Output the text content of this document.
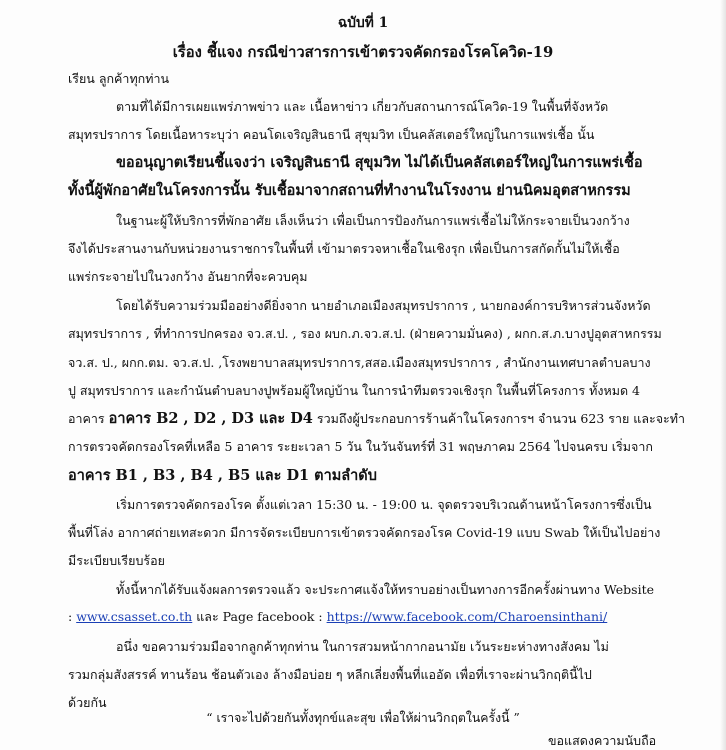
ฉบับที่ 1
เรื่อง ชี้แจง กรณีข่าวสารการเข้าตรวจคัดกรองโรคโควิด-19
เรียน ลูกค้าทุกท่าน
ตามที่ได้มีการเผยแพร่ภาพข่าว และ เนื้อหาข่าว เกี่ยวกับสถานการณ์โควิด-19 ในพื้นที่จังหวัด
สมุทรปราการ โดยเนื้อหาระบุว่า คอนโดเจริญสินธานี สุขุมวิท เป็นคลัสเตอร์ใหญ่ในการแพร่เชื้อ นั้น
ขออนุญาตเรียนชี้แจงว่า เจริญสินธานี สุขุมวิท ไม่ได้เป็นคลัสเตอร์ใหญ่ในการแพร่เชื้อ
ทั้งนี้ผู้พักอาศัยในโครงการนั้น รับเชื้อมาจากสถานที่ทำงานในโรงงาน ย่านนิคมอุตสาหกรรม
ในฐานะผู้ให้บริการที่พักอาศัย เล็งเห็นว่า เพื่อเป็นการป้องกันการแพร่เชื้อไม่ให้กระจายเป็นวงกว้าง
จึงได้ประสานงานกับหน่วยงานราชการในพื้นที่ เข้ามาตรวจหาเชื้อในเชิงรุก เพื่อเป็นการสกัดกั้นไม่ให้เชื้อ
แพร่กระจายไปในวงกว้าง อันยากที่จะควบคุม
โดยได้รับความร่วมมืออย่างดียิ่งจาก นายอำเภอเมืองสมุทรปราการ , นายกองค์การบริหารส่วนจังหวัด
สมุทรปราการ , ที่ทำการปกครอง จว.ส.ป. , รอง ผบก.ภ.จว.ส.ป. (ฝ่ายความมั่นคง) , ผกก.ส.ภ.บางปูอุตสาหกรรม
จว.ส. ป., ผกก.ตม. จว.ส.ป. ,โรงพยาบาลสมุทรปราการ,สสอ.เมืองสมุทรปราการ , สำนักงานเทศบาลตำบลบาง
ปู สมุทรปราการ และกำนันตำบลบางปูพร้อมผู้ใหญ่บ้าน ในการนำทีมตรวจเชิงรุก ในพื้นที่โครงการ ทั้งหมด 4
อาคาร อาคาร B2 , D2 , D3 และ D4 รวมถึงผู้ประกอบการร้านค้าในโครงการฯ จำนวน 623 ราย และจะทำ
การตรวจคัดกรองโรคที่เหลือ 5 อาคาร ระยะเวลา 5 วัน ในวันจันทร์ที่ 31 พฤษภาคม 2564 ไปจนครบ เริ่มจาก
อาคาร B1 , B3 , B4 , B5 และ D1 ตามลำดับ
เริ่มการตรวจคัดกรองโรค ตั้งแต่เวลา 15:30 น. - 19:00 น. จุดตรวจบริเวณด้านหน้าโครงการซึ่งเป็น
พื้นที่โล่ง อากาศถ่ายเทสะดวก มีการจัดระเบียบการเข้าตรวจคัดกรองโรค Covid-19 แบบ Swab ให้เป็นไปอย่าง
มีระเบียบเรียบร้อย
ทั้งนี้หากได้รับแจ้งผลการตรวจแล้ว จะประกาศแจ้งให้ทราบอย่างเป็นทางการอีกครั้งผ่านทาง Website
: www.csasset.co.th และ Page facebook : https://www.facebook.com/Charoensinthani/
อนึ่ง ขอความร่วมมือจากลูกค้าทุกท่าน ในการสวมหน้ากากอนามัย เว้นระยะห่างทางสังคม ไม่
รวมกลุ่มสังสรรค์ ทานร้อน ช้อนตัวเอง ล้างมือบ่อย ๆ หลีกเลี่ยงพื้นที่แออัด เพื่อที่เราจะผ่านวิกฤตินี้ไป
ด้วยกัน
“ เราจะไปด้วยกันทั้งทุกข์และสุข เพื่อให้ผ่านวิกฤตในครั้งนี้ ”
ขอแสดงความนับถือ
